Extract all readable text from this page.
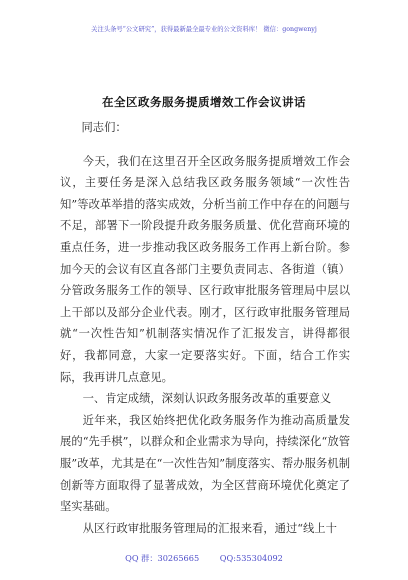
关注头条号“公文研究”，获得最新最全最专业的公文资料库！ 微信：gongwenyj
在全区政务服务提质增效工作会议讲话

同志们：

今天，我们在这里召开全区政务服务提质增效工作会议，主要任务是深入总结我区政务服务领域“一次性告知”等改革举措的落实成效，分析当前工作中存在的问题与不足，部署下一阶段提升政务服务质量、优化营商环境的重点任务，进一步推动我区政务服务工作再上新台阶。参加今天的会议有区直各部门主要负责同志、各街道（镇）分管政务服务工作的领导、区行政审批服务管理局中层以上干部以及部分企业代表。刚才，区行政审批服务管理局就“一次性告知”机制落实情况作了汇报发言，讲得都很好，我都同意，大家一定要落实好。下面，结合工作实际，我再讲几点意见。

一、肯定成绩，深刻认识政务服务改革的重要意义

近年来，我区始终把优化政务服务作为推动高质量发展的“先手棋”，以群众和企业需求为导向，持续深化“放管服”改革，尤其是在“一次性告知”制度落实、帮办服务机制创新等方面取得了显著成效，为全区营商环境优化奠定了坚实基础。

从区行政审批服务管理局的汇报来看，通过“线上十

QQ 群：30265665	QQ:535304092
